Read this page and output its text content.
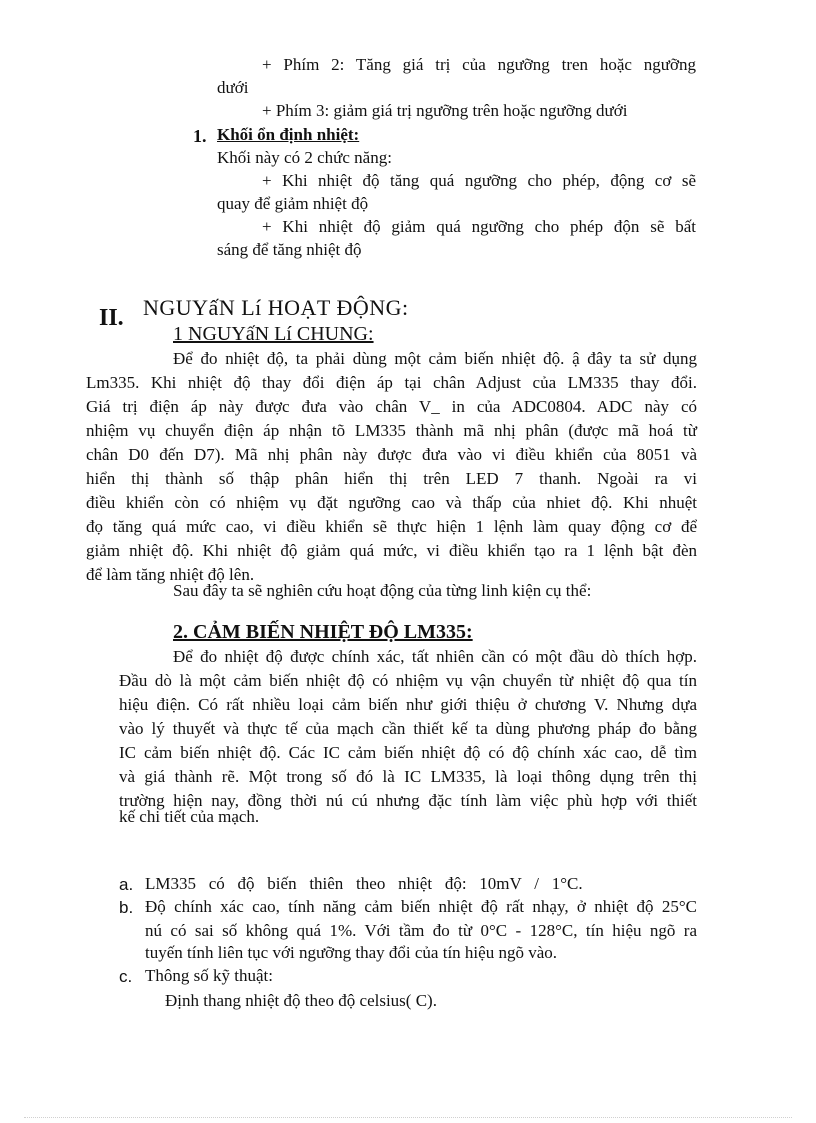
+ Phím 2: Tăng giá trị của ngưỡng tren hoặc ngưỡng
dưới
+ Phím 3: giảm giá trị ngưỡng trên hoặc ngưỡng dưới
1. Khối ổn định nhiệt:
Khối này có 2 chức năng:
+ Khi nhiệt độ tăng quá ngưỡng cho phép, động cơ sẽ
quay để giảm nhiệt độ
+ Khi nhiệt độ giảm quá ngưỡng cho phép độn sẽ bất
sáng để tăng nhiệt độ
II. NGUYấN Lí HOẠT ĐỘNG:
1 NGUYấN Lí CHUNG:
Để đo nhiệt độ, ta phải dùng một cảm biến nhiệt độ. ậ đây ta sử dụng
Lm335. Khi nhiệt độ thay đổi điện áp tại chân Adjust của LM335 thay đổi.
Giá trị điện áp này được đưa vào chân V_ in của ADC0804. ADC này có
nhiệm vụ chuyển điện áp nhận tõ LM335 thành mã nhị phân (được mã hoá từ
chân D0 đến D7). Mã nhị phân này được đưa vào vi điều khiển của 8051 và
hiển thị thành số thập phân hiển thị trên LED 7 thanh. Ngoài ra vi
điều khiển còn có nhiệm vụ đặt ngưỡng cao và thấp của nhiet độ. Khi nhuệt
đọ tăng quá mức cao, vi điều khiển sẽ thực hiện 1 lệnh làm quay động cơ để
giảm nhiệt độ. Khi nhiệt độ giảm quá mức, vi điều khiển tạo ra 1 lệnh bật đèn
để làm tăng nhiệt độ lên.
Sau đây ta sẽ nghiên cứu hoạt động của từng linh kiện cụ thể:
2. CẢM BIẾN NHIỆT ĐỘ LM335:
Để đo nhiệt độ được chính xác, tất nhiên cần có một đầu dò thích hợp.
Đầu dò là một cảm biến nhiệt độ có nhiệm vụ vận chuyển từ nhiệt độ qua tín
hiệu điện. Có rất nhiều loại cảm biến như giới thiệu ở chương V. Nhưng dựa
vào lý thuyết và thực tế của mạch cần thiết kế ta dùng phương pháp đo bằng
IC cảm biến nhiệt độ. Các IC cảm biến nhiệt độ có độ chính xác cao, dễ tìm
và giá thành rẽ. Một trong số đó là IC LM335, là loại thông dụng trên thị
trường hiện nay, đồng thời nú cú nhưng đặc tính làm việc phù hợp với thiết
kế chi tiết của mạch.
a. LM335   có   độ   biến   thiên   theo   nhiệt   độ:   10mV   /   1°C.
b. Độ chính xác cao, tính năng cảm biến nhiệt độ rất nhạy, ở nhiệt độ 25°C
nú có sai số không quá 1%. Với tầm đo từ 0°C - 128°C, tín hiệu ngõ ra
tuyến tính liên tục với ngưỡng thay đổi của tín hiệu ngõ vào.
c. Thông số kỹ thuật:
Định thang nhiệt độ theo độ celsius( C).
